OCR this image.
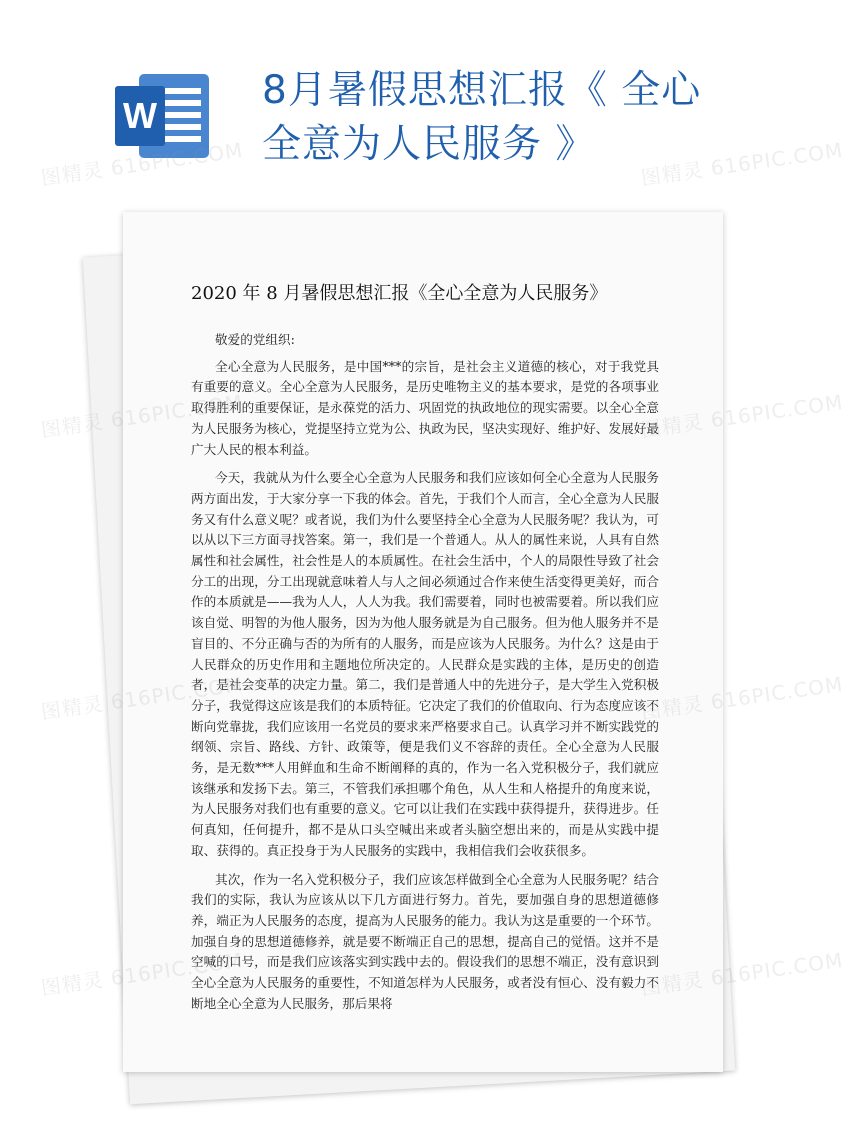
W
8月暑假思想汇报《 全心全意为人民服务 》
2020 年 8 月暑假思想汇报《全心全意为人民服务》

敬爱的党组织:

全心全意为人民服务，是中国***的宗旨，是社会主义道德的核心，对于我党具有重要的意义。全心全意为人民服务，是历史唯物主义的基本要求，是党的各项事业取得胜利的重要保证，是永葆党的活力、巩固党的执政地位的现实需要。以全心全意为人民服务为核心，党提坚持立党为公、执政为民，坚决实现好、维护好、发展好最广大人民的根本利益。

今天，我就从为什么要全心全意为人民服务和我们应该如何全心全意为人民服务两方面出发，于大家分享一下我的体会。首先，于我们个人而言，全心全意为人民服务又有什么意义呢？或者说，我们为什么要坚持全心全意为人民服务呢？我认为，可以从以下三方面寻找答案。第一，我们是一个普通人。从人的属性来说，人具有自然属性和社会属性，社会性是人的本质属性。在社会生活中，个人的局限性导致了社会分工的出现，分工出现就意味着人与人之间必须通过合作来使生活变得更美好，而合作的本质就是——我为人人，人人为我。我们需要着，同时也被需要着。所以我们应该自觉、明智的为他人服务，因为为他人服务就是为自己服务。但为他人服务并不是盲目的、不分正确与否的为所有的人服务，而是应该为人民服务。为什么？这是由于人民群众的历史作用和主题地位所决定的。人民群众是实践的主体，是历史的创造者，是社会变革的决定力量。第二，我们是普通人中的先进分子，是大学生入党积极分子，我觉得这应该是我们的本质特征。它决定了我们的价值取向、行为态度应该不断向党靠拢，我们应该用一名党员的要求来严格要求自己。认真学习并不断实践党的纲领、宗旨、路线、方针、政策等，便是我们义不容辞的责任。全心全意为人民服务，是无数***人用鲜血和生命不断阐释的真的，作为一名入党积极分子，我们就应该继承和发扬下去。第三，不管我们承担哪个角色，从人生和人格提升的角度来说，为人民服务对我们也有重要的意义。它可以让我们在实践中获得提升，获得进步。任何真知，任何提升，都不是从口头空喊出来或者头脑空想出来的，而是从实践中提取、获得的。真正投身于为人民服务的实践中，我相信我们会收获很多。

其次，作为一名入党积极分子，我们应该怎样做到全心全意为人民服务呢？结合我们的实际，我认为应该从以下几方面进行努力。首先，要加强自身的思想道德修养，端正为人民服务的态度，提高为人民服务的能力。我认为这是重要的一个环节。加强自身的思想道德修养，就是要不断端正自己的思想，提高自己的觉悟。这并不是空喊的口号，而是我们应该落实到实践中去的。假设我们的思想不端正，没有意识到全心全意为人民服务的重要性，不知道怎样为人民服务，或者没有恒心、没有毅力不断地全心全意为人民服务，那后果将

图精灵 616PIC.COM	图精灵 616PIC.COM
图精灵	图精灵 616PIC.COM
图精灵	图精灵 616PIC.COM
图精灵	图精灵 616PIC.COM
